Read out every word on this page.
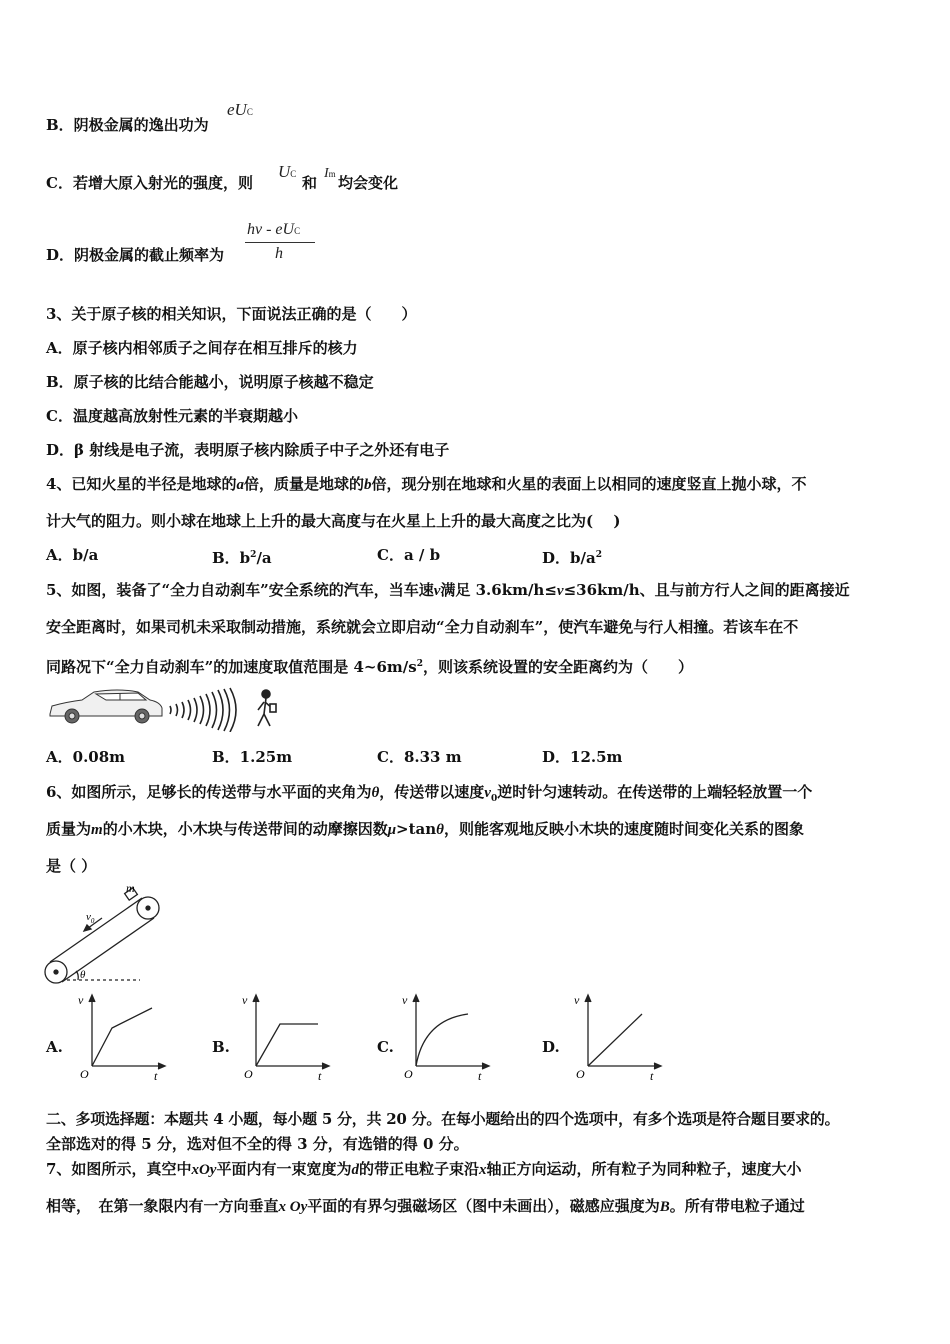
B．阴极金属的逸出功为
eUC
C．若增大原入射光的强度，则
UC 和
Im 均会变化
D．阴极金属的截止频率为
hν - eUC
h
3、关于原子核的相关知识，下面说法正确的是（　　）
A．原子核内相邻质子之间存在相互排斥的核力
B．原子核的比结合能越小，说明原子核越不稳定
C．温度越高放射性元素的半衰期越小
D．β 射线是电子流，表明原子核内除质子中子之外还有电子
4、已知火星的半径是地球的a倍，质量是地球的b倍，现分别在地球和火星的表面上以相同的速度竖直上抛小球，不
计大气的阻力。则小球在地球上上升的最大高度与在火星上上升的最大高度之比为(　 )
A．b/a	B．$b^2/a$	C．a / b	D．$b/a^2$
5、如图，装备了“全力自动刹车”安全系统的汽车，当车速v满足 3.6km/h≤v≤36km/h、且与前方行人之间的距离接近
安全距离时，如果司机未采取制动措施，系统就会立即启动“全力自动刹车”，使汽车避免与行人相撞。若该车在不
同路况下“全力自动刹车”的加速度取值范围是 $4\sim 6m/s^2$，则该系统设置的安全距离约为（　　）
A．0.08m	B．1.25m	C．8.33 m	D．12.5m
6、如图所示，足够长的传送带与水平面的夹角为θ，传送带以速度$v_0$逆时针匀速转动。在传送带的上端轻轻放置一个
质量为m的小木块，小木块与传送带间的动摩擦因数μ>tanθ，则能客观地反映小木块的速度随时间变化关系的图象
是（ ）
m
$v_0$
θ
A.
v
t
O
B.
v
t
O
C.
v
t
O
D.
v
t
O
二、多项选择题：本题共 4 小题，每小题 5 分，共 20 分。在每小题给出的四个选项中，有多个选项是符合题目要求的。
全部选对的得 5 分，选对但不全的得 3 分，有选错的得 0 分。
7、如图所示，真空中xOy平面内有一束宽度为d的带正电粒子束沿x轴正方向运动，所有粒子为同种粒子，速度大小
相等，　在第一象限内有一方向垂直x Oy平面的有界匀强磁场区（图中未画出），磁感应强度为B。所有带电粒子通过
